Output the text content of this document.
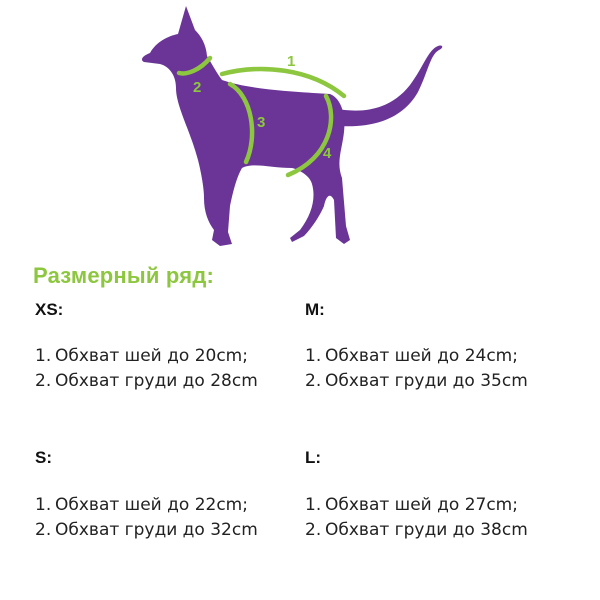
1
2
3
4
Размерный ряд:
XS:
1. Обхват шей до 20cm;
2. Обхват груди до 28cm
M:
1. Обхват шей до 24cm;
2. Обхват груди до 35cm
S:
1. Обхват шей до 22cm;
2. Обхват груди до 32cm
L:
1. Обхват шей до 27cm;
2. Обхват груди до 38cm
